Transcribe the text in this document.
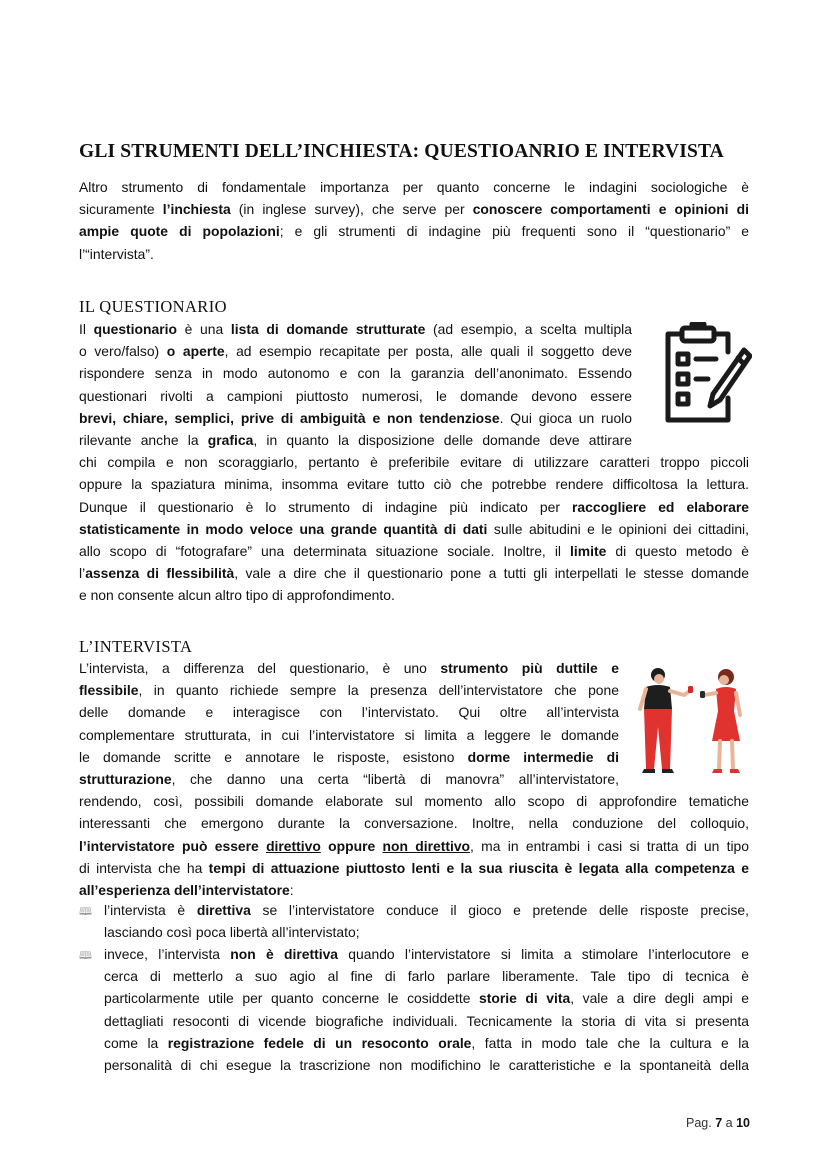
GLI STRUMENTI DELL’INCHIESTA: QUESTIOANRIO E INTERVISTA
Altro strumento di fondamentale importanza per quanto concerne le indagini sociologiche è
sicuramente l’inchiesta (in inglese survey), che serve per conoscere comportamenti e opinioni di
ampie quote di popolazioni; e gli strumenti di indagine più frequenti sono il “questionario” e
l’“intervista”.
IL QUESTIONARIO
Il questionario è una lista di domande strutturate (ad esempio, a scelta multipla
o vero/falso) o aperte, ad esempio recapitate per posta, alle quali il soggetto deve
rispondere senza in modo autonomo e con la garanzia dell’anonimato. Essendo
questionari rivolti a campioni piuttosto numerosi, le domande devono essere
brevi, chiare, semplici, prive di ambiguità e non tendenziose. Qui gioca un ruolo
rilevante anche la grafica, in quanto la disposizione delle domande deve attirare
chi compila e non scoraggiarlo, pertanto è preferibile evitare di utilizzare caratteri troppo piccoli
oppure la spaziatura minima, insomma evitare tutto ciò che potrebbe rendere difficoltosa la lettura.
Dunque il questionario è lo strumento di indagine più indicato per raccogliere ed elaborare
statisticamente in modo veloce una grande quantità di dati sulle abitudini e le opinioni dei cittadini,
allo scopo di “fotografare” una determinata situazione sociale. Inoltre, il limite di questo metodo è
l’assenza di flessibilità, vale a dire che il questionario pone a tutti gli interpellati le stesse domande
e non consente alcun altro tipo di approfondimento.
L’INTERVISTA
L’intervista, a differenza del questionario, è uno strumento più duttile e
flessibile, in quanto richiede sempre la presenza dell’intervistatore che pone
delle domande e interagisce con l’intervistato. Qui oltre all’intervista
complementare strutturata, in cui l’intervistatore si limita a leggere le domande
le domande scritte e annotare le risposte, esistono dorme intermedie di
strutturazione, che danno una certa “libertà di manovra” all’intervistatore,
rendendo, così, possibili domande elaborate sul momento allo scopo di approfondire tematiche
interessanti che emergono durante la conversazione. Inoltre, nella conduzione del colloquio,
l’intervistatore può essere direttivo oppure non direttivo, ma in entrambi i casi si tratta di un tipo
di intervista che ha tempi di attuazione piuttosto lenti e la sua riuscita è legata alla competenza e
all’esperienza dell’intervistatore:
🕮 l’intervista è direttiva se l’intervistatore conduce il gioco e pretende delle risposte precise,
lasciando così poca libertà all’intervistato;
🕮 invece, l’intervista non è direttiva quando l’intervistatore si limita a stimolare l’interlocutore e
cerca di metterlo a suo agio al fine di farlo parlare liberamente. Tale tipo di tecnica è
particolarmente utile per quanto concerne le cosiddette storie di vita, vale a dire degli ampi e
dettagliati resoconti di vicende biografiche individuali. Tecnicamente la storia di vita si presenta
come la registrazione fedele di un resoconto orale, fatta in modo tale che la cultura e la
personalità di chi esegue la trascrizione non modifichino le caratteristiche e la spontaneità della
Pag. 7 a 10
